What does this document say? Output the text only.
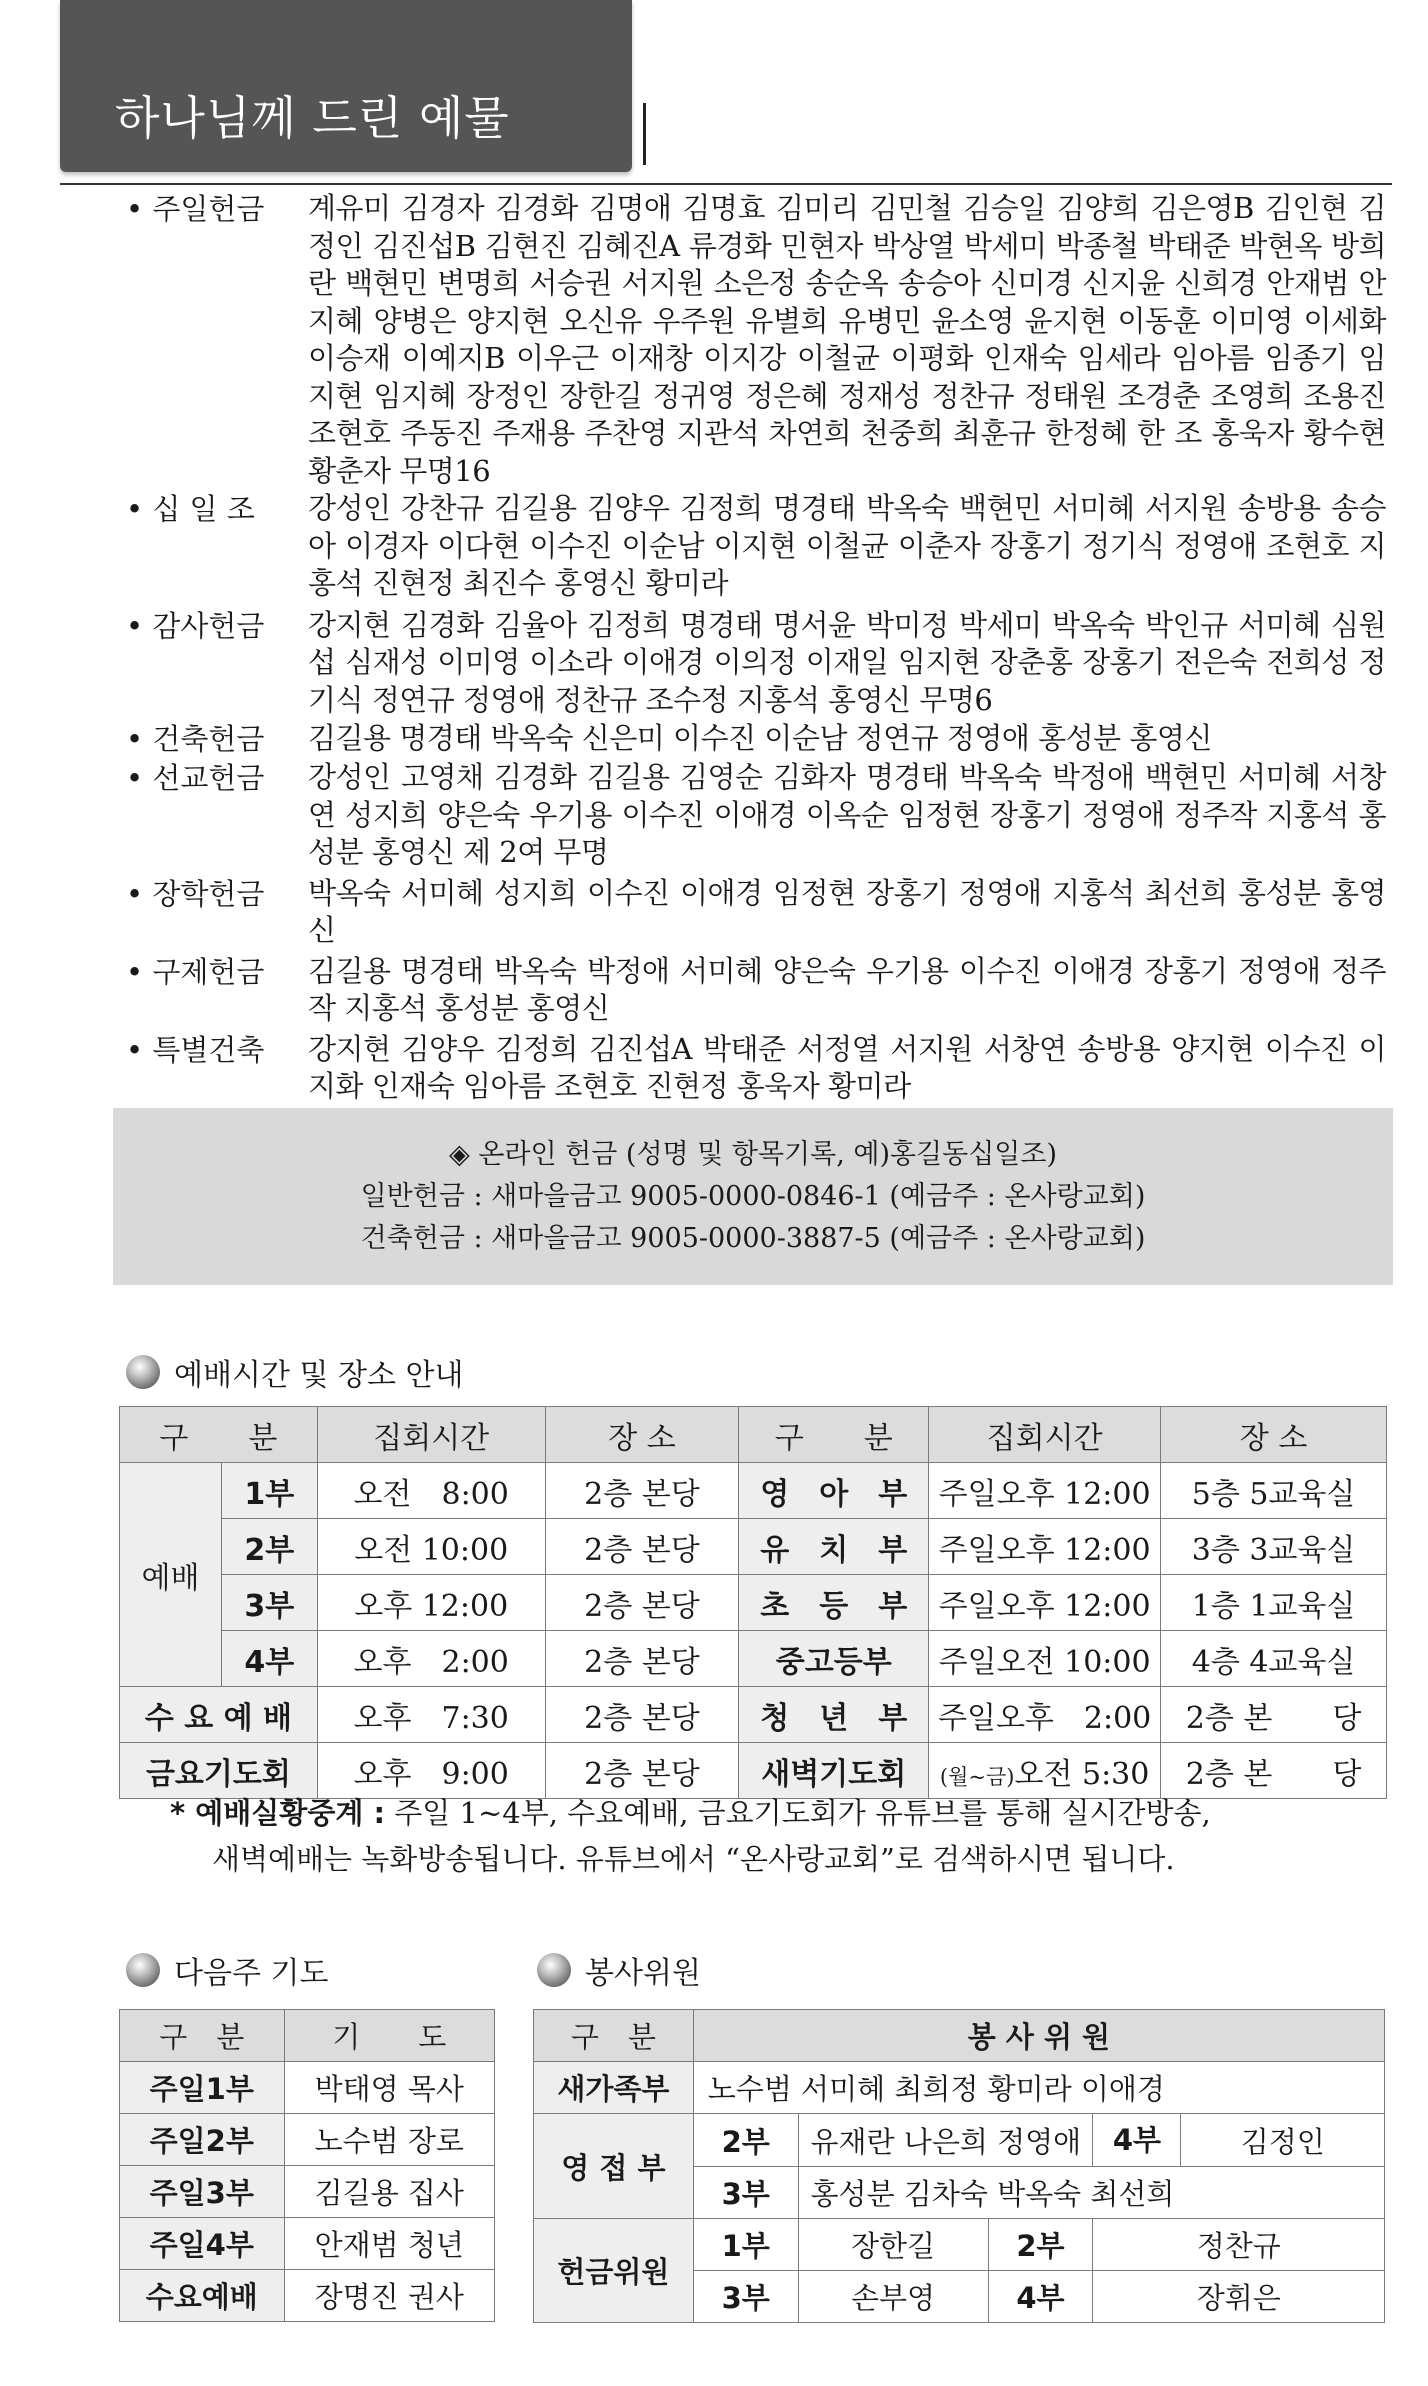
하나님께 드린 예물
• 주일헌금	계유미 김경자 김경화 김명애 김명효 김미리 김민철 김승일 김양희 김은영B 김인현 김정인 김진섭B 김현진 김혜진A 류경화 민현자 박상열 박세미 박종철 박태준 박현옥 방희란 백현민 변명희 서승권 서지원 소은정 송순옥 송승아 신미경 신지윤 신희경 안재범 안지혜 양병은 양지현 오신유 우주원 유별희 유병민 윤소영 윤지현 이동훈 이미영 이세화 이승재 이예지B 이우근 이재창 이지강 이철균 이평화 인재숙 임세라 임아름 임종기 임지현 임지혜 장정인 장한길 정귀영 정은혜 정재성 정찬규 정태원 조경춘 조영희 조용진 조현호 주동진 주재용 주찬영 지관석 차연희 천중희 최훈규 한정혜 한 조 홍욱자 황수현 황춘자 무명16
• 십 일 조	강성인 강찬규 김길용 김양우 김정희 명경태 박옥숙 백현민 서미혜 서지원 송방용 송승아 이경자 이다현 이수진 이순남 이지현 이철균 이춘자 장홍기 정기식 정영애 조현호 지홍석 진현정 최진수 홍영신 황미라
• 감사헌금	강지현 김경화 김율아 김정희 명경태 명서윤 박미정 박세미 박옥숙 박인규 서미혜 심원섭 심재성 이미영 이소라 이애경 이의정 이재일 임지현 장춘홍 장홍기 전은숙 전희성 정기식 정연규 정영애 정찬규 조수정 지홍석 홍영신 무명6
• 건축헌금	김길용 명경태 박옥숙 신은미 이수진 이순남 정연규 정영애 홍성분 홍영신
• 선교헌금	강성인 고영채 김경화 김길용 김영순 김화자 명경태 박옥숙 박정애 백현민 서미혜 서창연 성지희 양은숙 우기용 이수진 이애경 이옥순 임정현 장홍기 정영애 정주작 지홍석 홍성분 홍영신 제 2여 무명
• 장학헌금	박옥숙 서미혜 성지희 이수진 이애경 임정현 장홍기 정영애 지홍석 최선희 홍성분 홍영신
• 구제헌금	김길용 명경태 박옥숙 박정애 서미혜 양은숙 우기용 이수진 이애경 장홍기 정영애 정주작 지홍석 홍성분 홍영신
• 특별건축	강지현 김양우 김정희 김진섭A 박태준 서정열 서지원 서창연 송방용 양지현 이수진 이지화 인재숙 임아름 조현호 진현정 홍욱자 황미라
◈ 온라인 헌금 (성명 및 항목기록, 예)홍길동십일조)
일반헌금 : 새마을금고 9005-0000-0846-1 (예금주 : 온사랑교회)
건축헌금 : 새마을금고 9005-0000-3887-5 (예금주 : 온사랑교회)
예배시간 및 장소 안내
구　　분		집회시간	장 소	구　　분	집회시간	장 소
예배	1부	오전　8:00	2층 본당	영　아　부	주일오후 12:00	5층 5교육실
	2부	오전 10:00	2층 본당	유　치　부	주일오후 12:00	3층 3교육실
	3부	오후 12:00	2층 본당	초　등　부	주일오후 12:00	1층 1교육실
	4부	오후　2:00	2층 본당	중고등부	주일오전 10:00	4층 4교육실
수 요 예 배		오후　7:30	2층 본당	청　년　부	주일오후　2:00	2층 본　　당
금요기도회		오후　9:00	2층 본당	새벽기도회	(월~금)오전 5:30	2층 본　　당
* 예배실황중계 : 주일 1~4부, 수요예배, 금요기도회가 유튜브를 통해 실시간방송,
새벽예배는 녹화방송됩니다. 유튜브에서 “온사랑교회”로 검색하시면 됩니다.
다음주 기도	봉사위원
구　분	기　　도
주일1부	박태영 목사
주일2부	노수범 장로
주일3부	김길용 집사
주일4부	안재범 청년
수요예배	장명진 권사
구　분	봉 사 위 원			
새가족부	노수범 서미혜 최희정 황미라 이애경			
영 접 부	2부	유재란 나은희 정영애		4부 김정인

	3부	홍성분 김차숙 박옥숙 최선희		
헌금위원	1부	장한길	2부	정찬규
	3부	손부영	4부	장휘은
